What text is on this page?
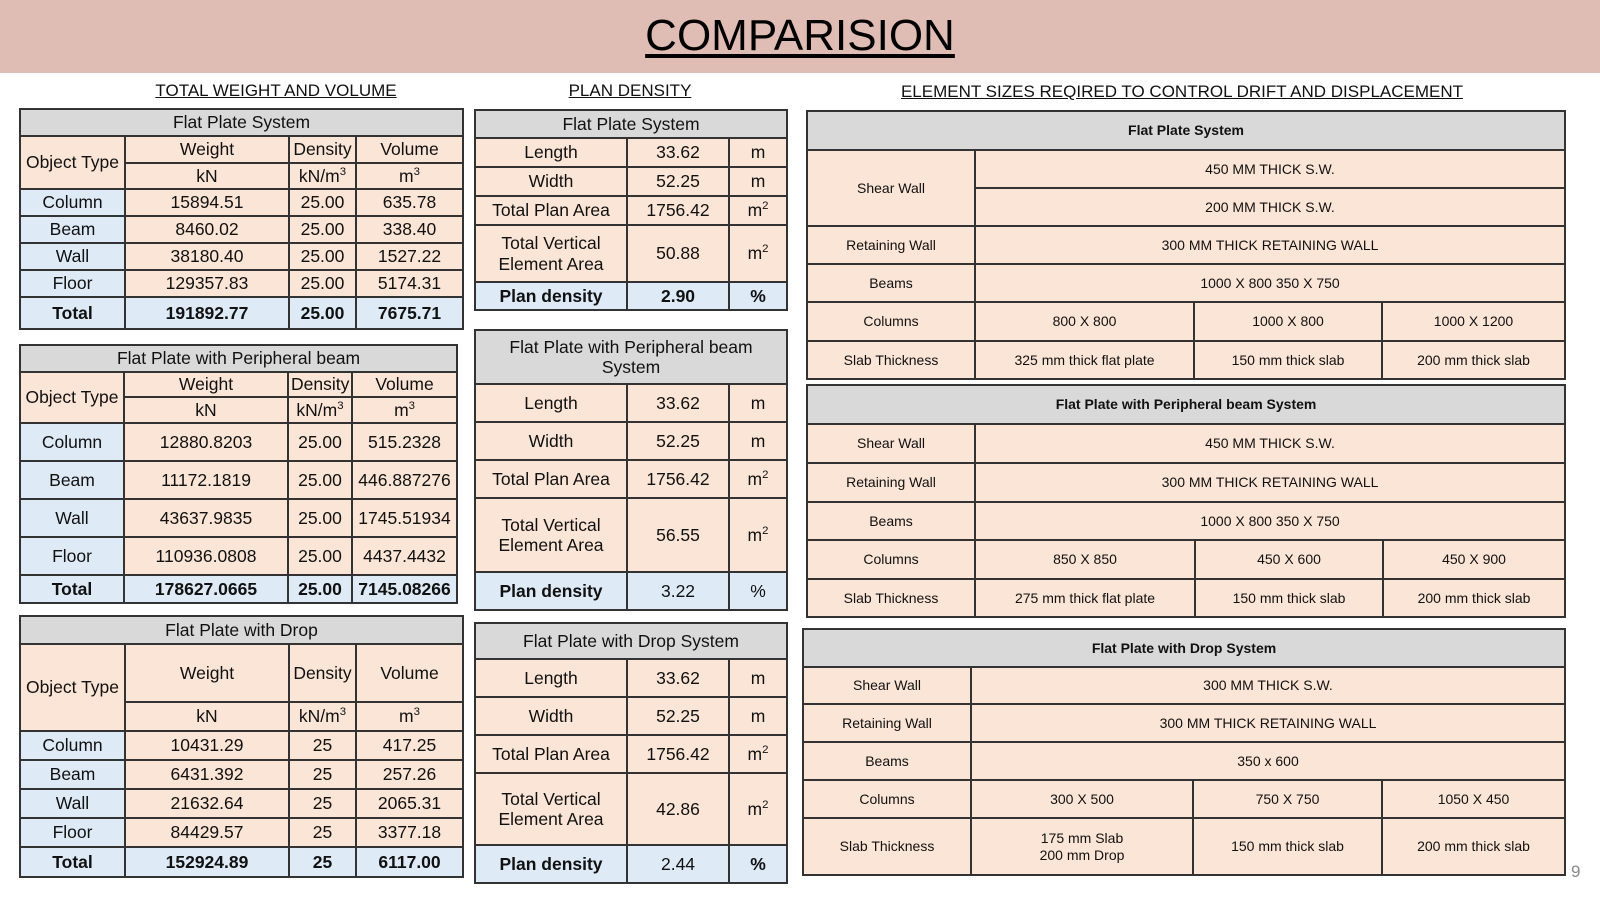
COMPARISION
TOTAL WEIGHT AND VOLUME	PLAN DENSITY	ELEMENT SIZES REQIRED TO CONTROL DRIFT AND DISPLACEMENT
Flat Plate System			
Object Type	Weight	Density	Volume
	kN	$kN/m^3$	$m^3$
Column	15894.51	25.00	635.78
Beam	8460.02	25.00	338.40
Wall	38180.40	25.00	1527.22
Floor	129357.83	25.00	5174.31
Total	191892.77	25.00	7675.71
Flat Plate with Peripheral beam			
Object Type	Weight	Density	Volume
	kN	$kN/m^3$	$m^3$
Column	12880.8203	25.00	515.2328
Beam	11172.1819	25.00	446.887276
Wall	43637.9835	25.00	1745.51934
Floor	110936.0808	25.00	4437.4432
Total	178627.0665	25.00	7145.08266
Flat Plate with Drop			
Object Type	Weight	Density	Volume
	kN	$kN/m^3$	$m^3$
Column	10431.29	25	417.25
Beam	6431.392	25	257.26
Wall	21632.64	25	2065.31
Floor	84429.57	25	3377.18
Total	152924.89	25	6117.00
Flat Plate System		
Length	33.62	m
Width	52.25	m
Total Plan Area	1756.42	$m^2$
Total Vertical Element Area	50.88	$m^2$
Plan density	2.90	%
Flat Plate with Peripheral beam System		
Length	33.62	m
Width	52.25	m
Total Plan Area	1756.42	$m^2$
Total Vertical Element Area	56.55	$m^2$
Plan density	3.22	%
Flat Plate with Drop System		
Length	33.62	m
Width	52.25	m
Total Plan Area	1756.42	$m^2$
Total Vertical Element Area	42.86	$m^2$
Plan density	2.44	%
Flat Plate System			
Shear Wall	450 MM THICK S.W.		
	200 MM THICK S.W.		
Retaining Wall	300 MM THICK RETAINING WALL		
Beams	1000 X 800 350 X 750		
Columns	800 X 800	1000 X 800	1000 X 1200
Slab Thickness	325 mm thick flat plate	150 mm thick slab	200 mm thick slab
Flat Plate with Peripheral beam System			
Shear Wall	450 MM THICK S.W.		
Retaining Wall	300 MM THICK RETAINING WALL		
Beams	1000 X 800 350 X 750		
Columns	850 X 850	450 X 600	450 X 900
Slab Thickness	275 mm thick flat plate	150 mm thick slab	200 mm thick slab
Flat Plate with Drop System			
Shear Wall	300 MM THICK S.W.		
Retaining Wall	300 MM THICK RETAINING WALL		
Beams	350 x 600		
Columns	300 X 500	750 X 750	1050 X 450
Slab Thickness	175 mm Slab
200 mm Drop	150 mm thick slab	200 mm thick slab
9
